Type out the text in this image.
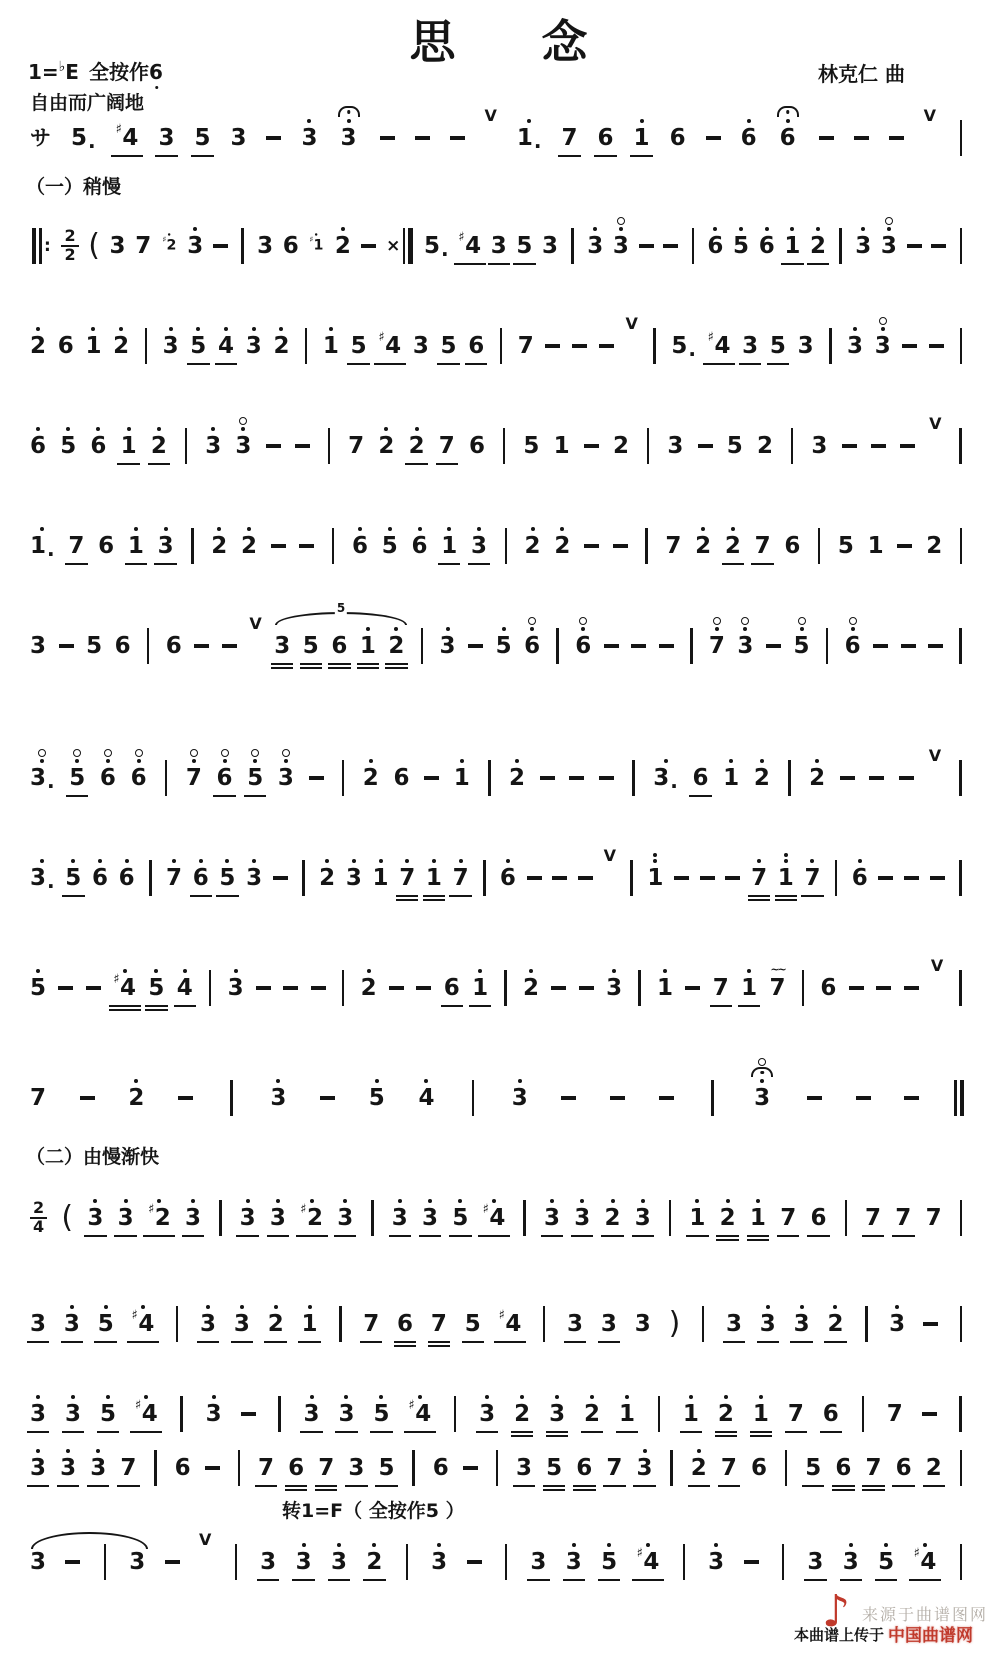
思 念
1=♭E 全按作6	林克仁 曲
自由而广阔地
（一）稍慢
（二）由慢渐快
转1=F（ 全按作5 ）
サ 5 . ♯ 4 3 5 3 3 3
V
1 . 7 6 1 6 6 6
V
: $\frac{2}{2}$ ( 3 7 ♯ 2 3 3 6 ♯ 1 2 × 5 . ♯ 4 3 5 3 3 3	6 5 6 1 2 3 3
2 6 1 2 3 5 4 3 2 1 5 ♯ 4 3 5 6 7
V
5 . ♯ 4 3 5 3 3 3
6 5 6 1 2 3 3	7 2 2 7 6 5 1 2 3 5 2 3
V
1 . 7 6 1 3 2 2	6 5 6 1 3 2 2	7 2 2 7 6 5 1 2
3 5 6 6
V
3 5 6 1 2 3 5 6 6	7 3 5 6
5
3 . 5 6 6 7 6 5 3	2 6 1 2	3 . 6 1 2 2
V
3 . 5 6 6 7 6 5 3 2 3 1 7 1 7 6
V
1	7 1 7 6
5	♯ 4 5 4 3	2	6 1 2	3 1 7 1
~~
7 6
V
7	2	3	5 4	3	3
$\frac{2}{4}$ ( 3 3 ♯ 2 3 3 3 ♯ 2 3 3 3 5 ♯ 4 3 3 2 3 1 2 1 7 6 7 7 7
3 3 5 ♯ 4 3 3 2 1 7 6 7 5 ♯ 4 3 3 3 ) 3 3 3 2 3
3 3 5 ♯ 4 3	3 3 5 ♯ 4 3 2 3 2 1 1 2 1 7 6 7
3 3 3 7 6	7 6 7 3 5 6	3 5 6 7 3 2 7 6 5 6 7 6 2
3	3
V
3 3 3 2 3	3 3 5 ♯ 4 3	3 3 5 ♯ 4
来源于曲谱图网
♪
本曲谱上传于 中国曲谱网
